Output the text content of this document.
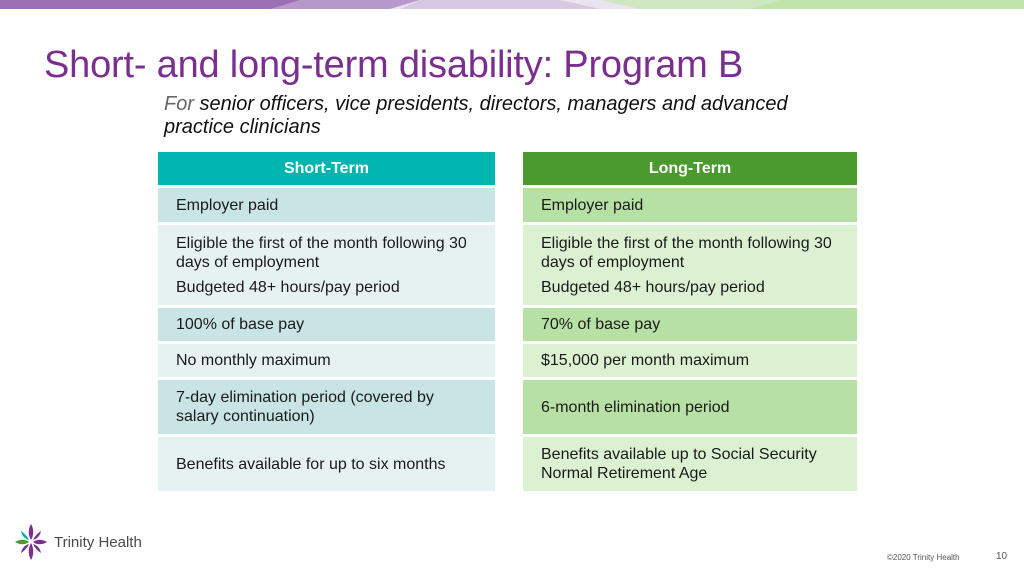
Short- and long-term disability: Program B
For senior officers, vice presidents, directors, managers and advanced practice clinicians
Short-Term

Employer paid

Eligible the first of the month following 30 days of employment

Budgeted 48+ hours/pay period

100% of base pay

No monthly maximum

7-day elimination period (covered by salary continuation)

Benefits available for up to six months

Long-Term

Employer paid

Eligible the first of the month following 30 days of employment

Budgeted 48+ hours/pay period

70% of base pay

$15,000 per month maximum

6-month elimination period

Benefits available up to Social Security Normal Retirement Age

Trinity Health
©2020 Trinity Health	10
